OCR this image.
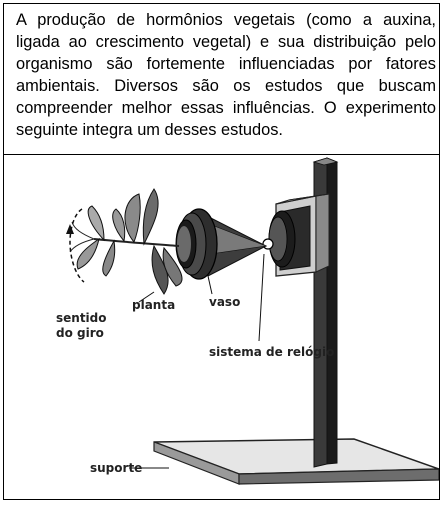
A produção de hormônios vegetais (como a auxina,
ligada ao crescimento vegetal) e sua distribuição pelo
organismo são fortemente influenciadas por fatores
ambientais. Diversos são os estudos que buscam
compreender melhor essas influências. O experimento
seguinte integra um desses estudos.
sentido
do giro
planta	vaso
sistema de relógio
suporte
